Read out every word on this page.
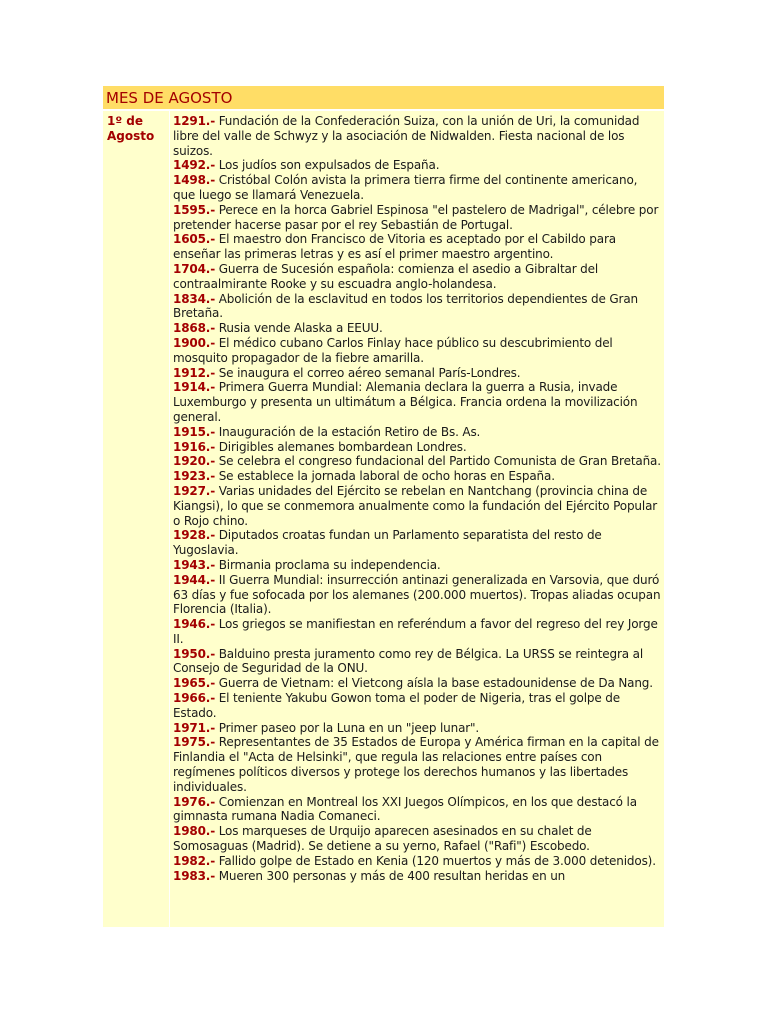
MES DE AGOSTO
1º de Agosto
1291.- Fundación de la Confederación Suiza, con la unión de Uri, la comunidad libre del valle de Schwyz y la asociación de Nidwalden. Fiesta nacional de los suizos.
1492.- Los judíos son expulsados de España.
1498.- Cristóbal Colón avista la primera tierra firme del continente americano, que luego se llamará Venezuela.
1595.- Perece en la horca Gabriel Espinosa "el pastelero de Madrigal", célebre por pretender hacerse pasar por el rey Sebastián de Portugal.
1605.- El maestro don Francisco de Vitoria es aceptado por el Cabildo para enseñar las primeras letras y es así el primer maestro argentino.
1704.- Guerra de Sucesión española: comienza el asedio a Gibraltar del contraalmirante Rooke y su escuadra anglo-holandesa.
1834.- Abolición de la esclavitud en todos los territorios dependientes de Gran Bretaña.
1868.- Rusia vende Alaska a EEUU.
1900.- El médico cubano Carlos Finlay hace público su descubrimiento del mosquito propagador de la fiebre amarilla.
1912.- Se inaugura el correo aéreo semanal París-Londres.
1914.- Primera Guerra Mundial: Alemania declara la guerra a Rusia, invade Luxemburgo y presenta un ultimátum a Bélgica. Francia ordena la movilización general.
1915.- Inauguración de la estación Retiro de Bs. As.
1916.- Dirigibles alemanes bombardean Londres.
1920.- Se celebra el congreso fundacional del Partido Comunista de Gran Bretaña.
1923.- Se establece la jornada laboral de ocho horas en España.
1927.- Varias unidades del Ejército se rebelan en Nantchang (provincia china de Kiangsi), lo que se conmemora anualmente como la fundación del Ejército Popular o Rojo chino.
1928.- Diputados croatas fundan un Parlamento separatista del resto de Yugoslavia.
1943.- Birmania proclama su independencia.
1944.- II Guerra Mundial: insurrección antinazi generalizada en Varsovia, que duró 63 días y fue sofocada por los alemanes (200.000 muertos). Tropas aliadas ocupan Florencia (Italia).
1946.- Los griegos se manifiestan en referéndum a favor del regreso del rey Jorge II.
1950.- Balduino presta juramento como rey de Bélgica. La URSS se reintegra al Consejo de Seguridad de la ONU.
1965.- Guerra de Vietnam: el Vietcong aísla la base estadounidense de Da Nang.
1966.- El teniente Yakubu Gowon toma el poder de Nigeria, tras el golpe de Estado.
1971.- Primer paseo por la Luna en un "jeep lunar".
1975.- Representantes de 35 Estados de Europa y América firman en la capital de Finlandia el "Acta de Helsinki", que regula las relaciones entre países con regímenes políticos diversos y protege los derechos humanos y las libertades individuales.
1976.- Comienzan en Montreal los XXI Juegos Olímpicos, en los que destacó la gimnasta rumana Nadia Comaneci.
1980.- Los marqueses de Urquijo aparecen asesinados en su chalet de Somosaguas (Madrid). Se detiene a su yerno, Rafael ("Rafi") Escobedo.
1982.- Fallido golpe de Estado en Kenia (120 muertos y más de 3.000 detenidos).
1983.- Mueren 300 personas y más de 400 resultan heridas en un
